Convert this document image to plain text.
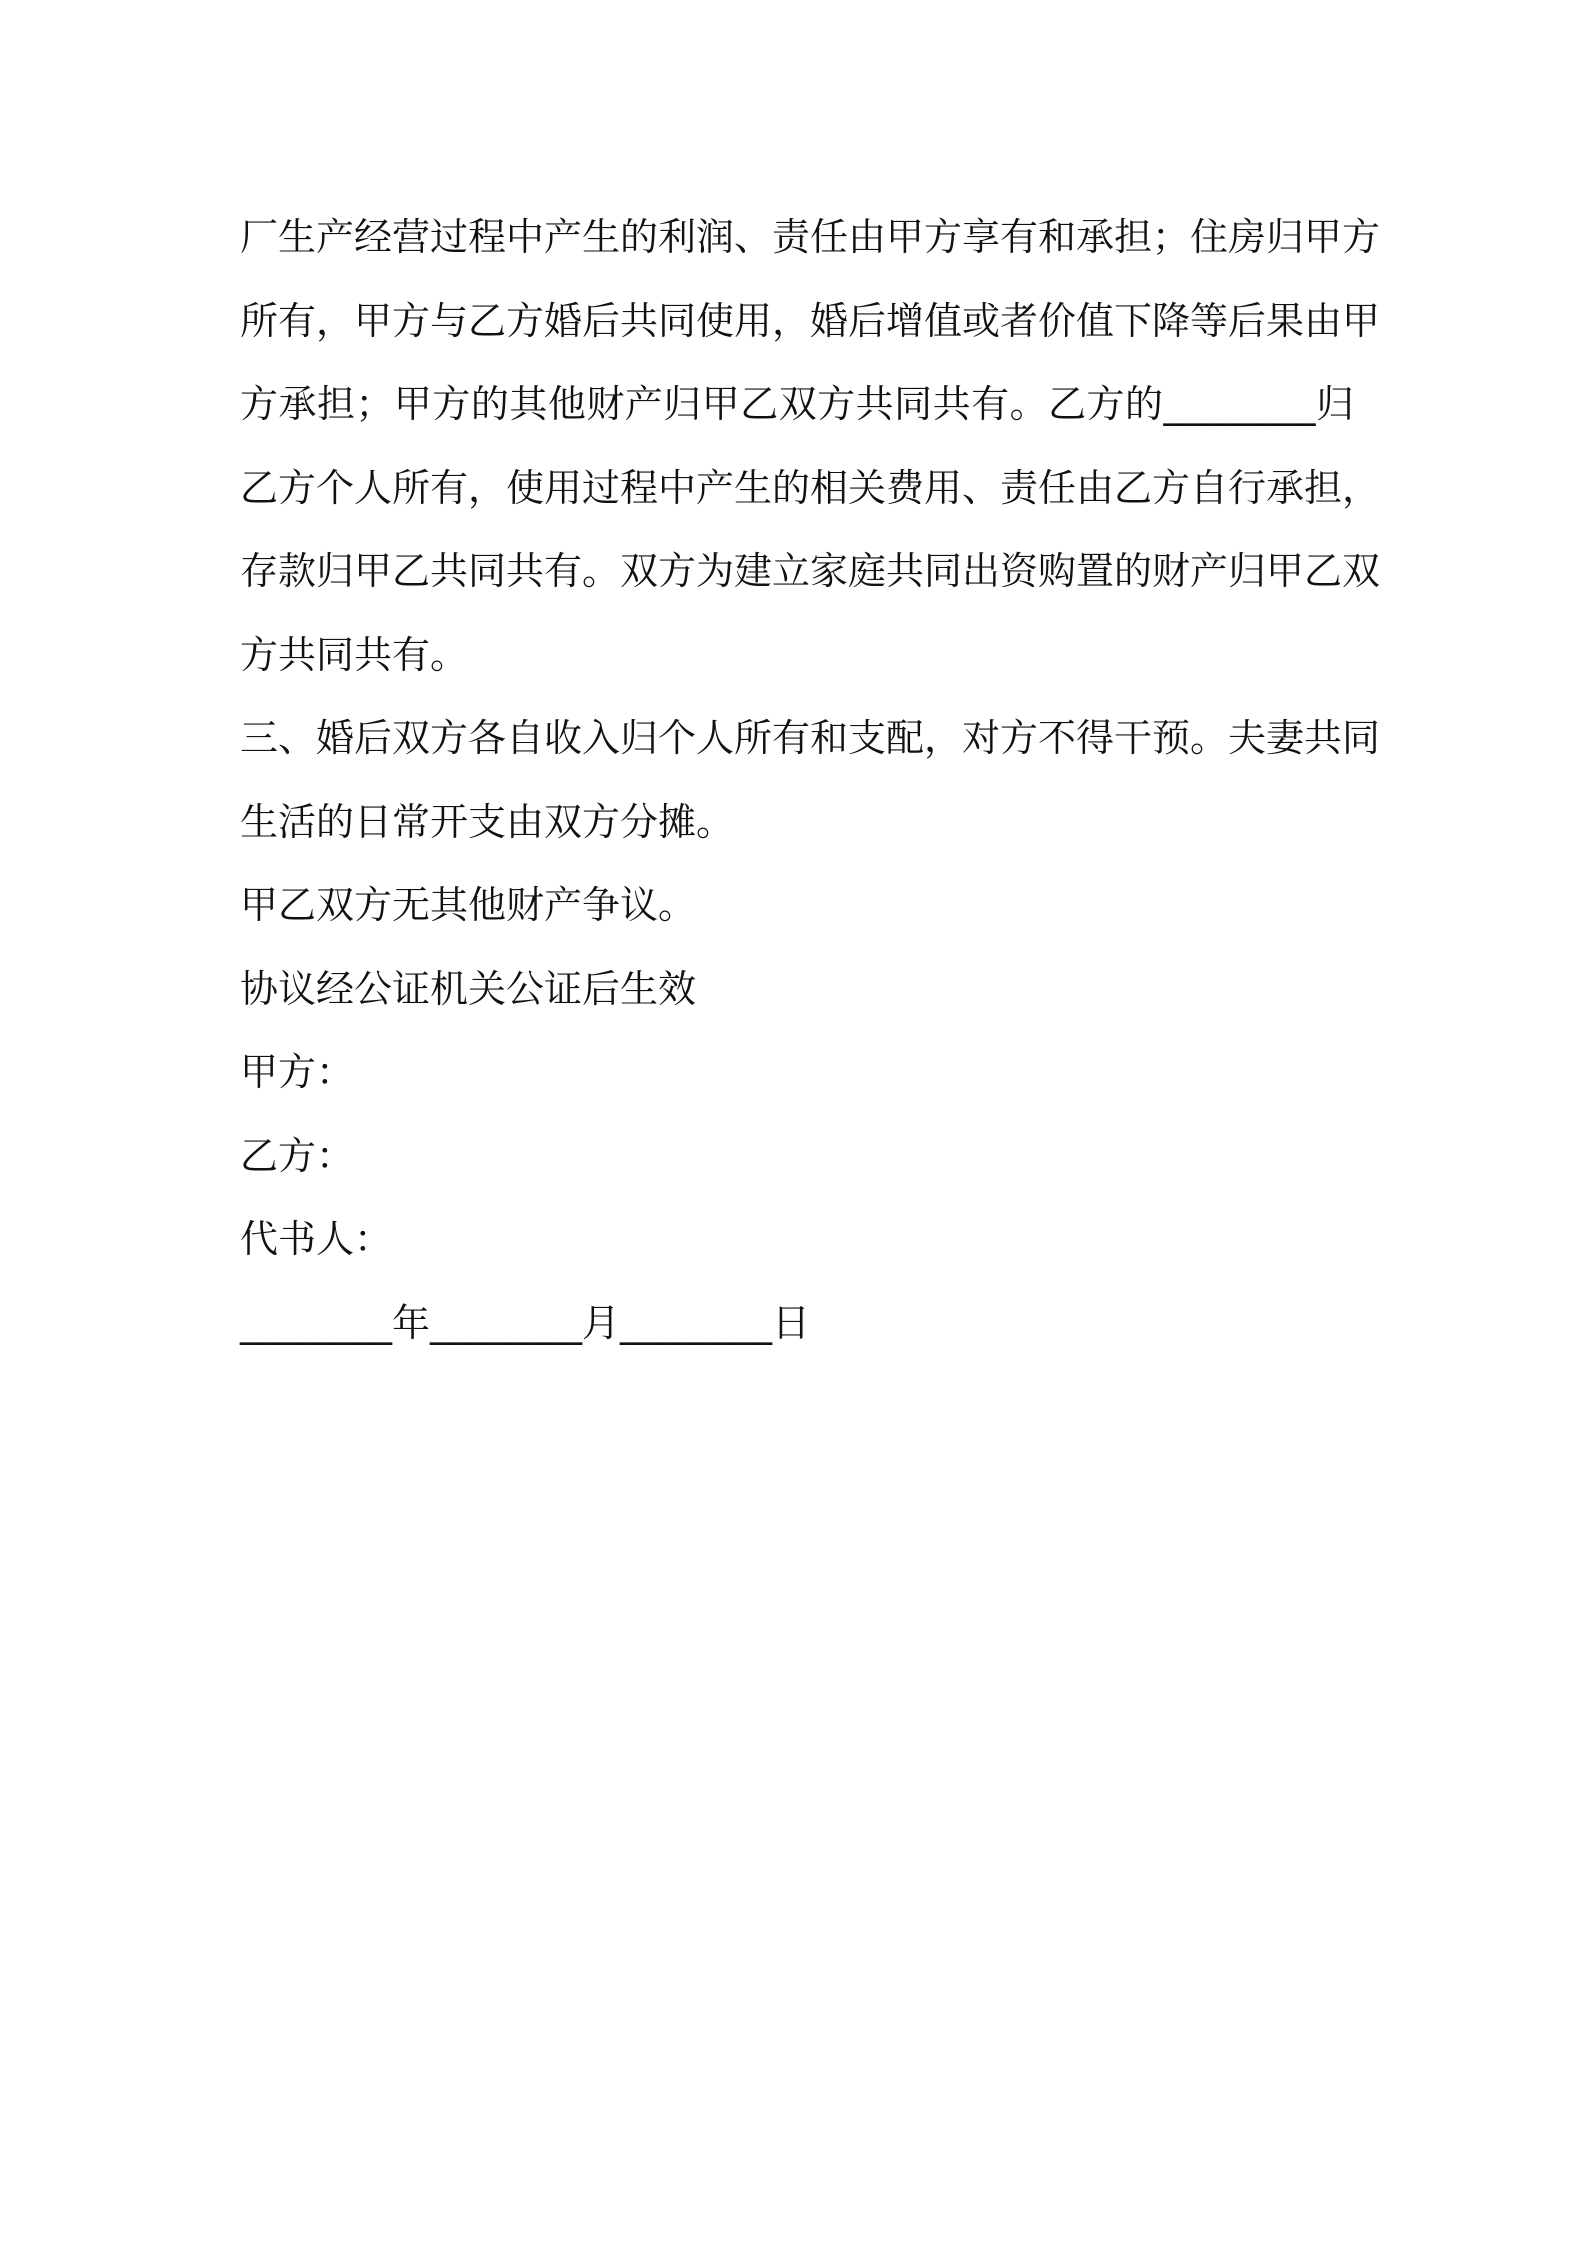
厂生产经营过程中产生的利润、责任由甲方享有和承担；住房归甲方
所有，甲方与乙方婚后共同使用，婚后增值或者价值下降等后果由甲
方承担；甲方的其他财产归甲乙双方共同共有。乙方的________归
乙方个人所有，使用过程中产生的相关费用、责任由乙方自行承担，
存款归甲乙共同共有。双方为建立家庭共同出资购置的财产归甲乙双
方共同共有。
三、婚后双方各自收入归个人所有和支配，对方不得干预。夫妻共同
生活的日常开支由双方分摊。
甲乙双方无其他财产争议。
协议经公证机关公证后生效
甲方：
乙方：
代书人：
________年________月________日
